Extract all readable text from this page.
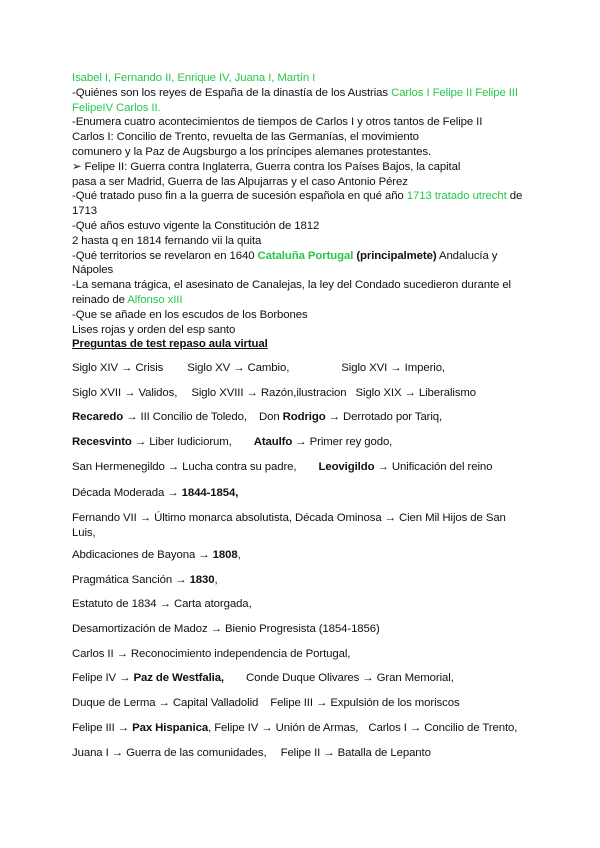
Isabel I, Fernando II, Enrique IV, Juana I, Martín I

-Quiénes son los reyes de España de la dinastía de los Austrias Carlos I Felipe II Felipe III FelipeIV Carlos II.

-Enumera cuatro acontecimientos de tiempos de Carlos I y otros tantos de Felipe II

Carlos I: Concilio de Trento, revuelta de las Germanías, el movimiento

comunero y la Paz de Augsburgo a los príncipes alemanes protestantes.

➢ Felipe II: Guerra contra Inglaterra, Guerra contra los Países Bajos, la capital

pasa a ser Madrid, Guerra de las Alpujarras y el caso Antonio Pérez

-Qué tratado puso fin a la guerra de sucesión española en qué año 1713 tratado utrecht de 1713

-Qué años estuvo vigente la Constitución de 1812

2 hasta q en 1814 fernando vii la quita

-Qué territorios se revelaron en 1640 Cataluña Portugal (principalmete) Andalucía y Nápoles

-La semana trágica, el asesinato de Canalejas, la ley del Condado sucedieron durante el reinado de Alfonso xIII

-Que se añade en los escudos de los Borbones

Lises rojas y orden del esp santo

Preguntas de test repaso aula virtual

Siglo XIV → Crisis Siglo XV → Cambio,	Siglo XVI → Imperio,
Siglo XVII → Validos, Siglo XVIII → Razón,ilustracion Siglo XIX → Liberalismo
Recaredo → III Concilio de Toledo, Don Rodrigo → Derrotado por Tariq,
Recesvinto → Liber Iudiciorum, Ataulfo → Primer rey godo,
San Hermenegildo → Lucha contra su padre, Leovigildo → Unificación del reino
Década Moderada → 1844-1854,
Fernando VII → Último monarca absolutista, Década Ominosa → Cien Mil Hijos de San Luis,
Abdicaciones de Bayona → 1808,
Pragmática Sanción → 1830,
Estatuto de 1834 → Carta atorgada,
Desamortización de Madoz → Bienio Progresista (1854-1856)
Carlos II → Reconocimiento independencia de Portugal,
Felipe IV → Paz de Westfalia, Conde Duque Olivares → Gran Memorial,
Duque de Lerma → Capital Valladolid Felipe III → Expulsión de los moriscos
Felipe III → Pax Hispanica, Felipe IV → Unión de Armas, Carlos I → Concilio de Trento,
Juana I → Guerra de las comunidades, Felipe II → Batalla de Lepanto
